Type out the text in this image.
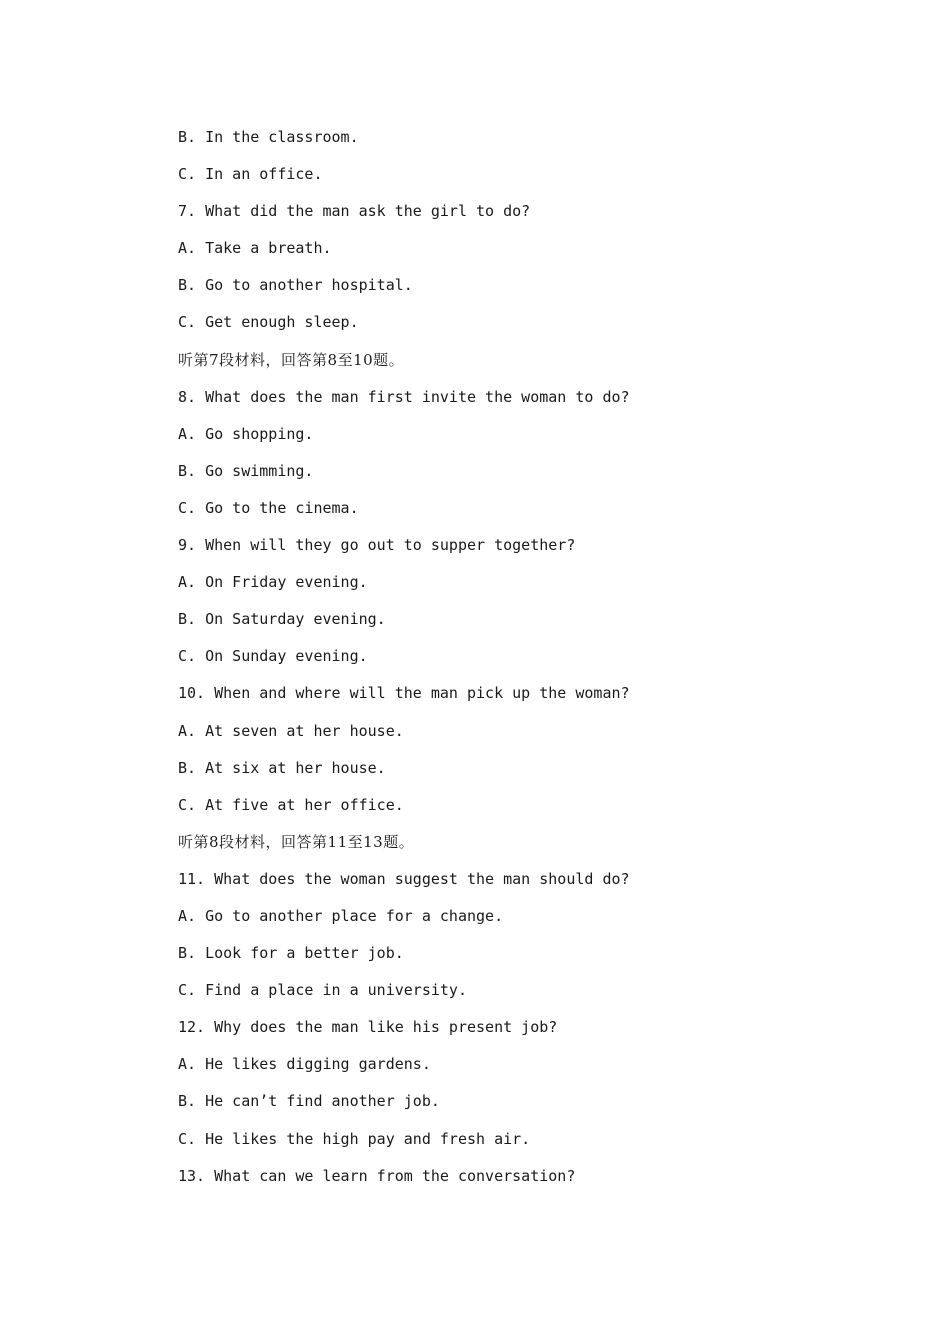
B. In the classroom.
C. In an office.
7. What did the man ask the girl to do?
A. Take a breath.
B. Go to another hospital.
C. Get enough sleep.
听第7段材料，回答第8至10题。
8. What does the man first invite the woman to do?
A. Go shopping.
B. Go swimming.
C. Go to the cinema.
9. When will they go out to supper together?
A. On Friday evening.
B. On Saturday evening.
C. On Sunday evening.
10. When and where will the man pick up the woman?
A. At seven at her house.
B. At six at her house.
C. At five at her office.
听第8段材料，回答第11至13题。
11. What does the woman suggest the man should do?
A. Go to another place for a change.
B. Look for a better job.
C. Find a place in a university.
12. Why does the man like his present job?
A. He likes digging gardens.
B. He can’t find another job.
C. He likes the high pay and fresh air.
13. What can we learn from the conversation?
